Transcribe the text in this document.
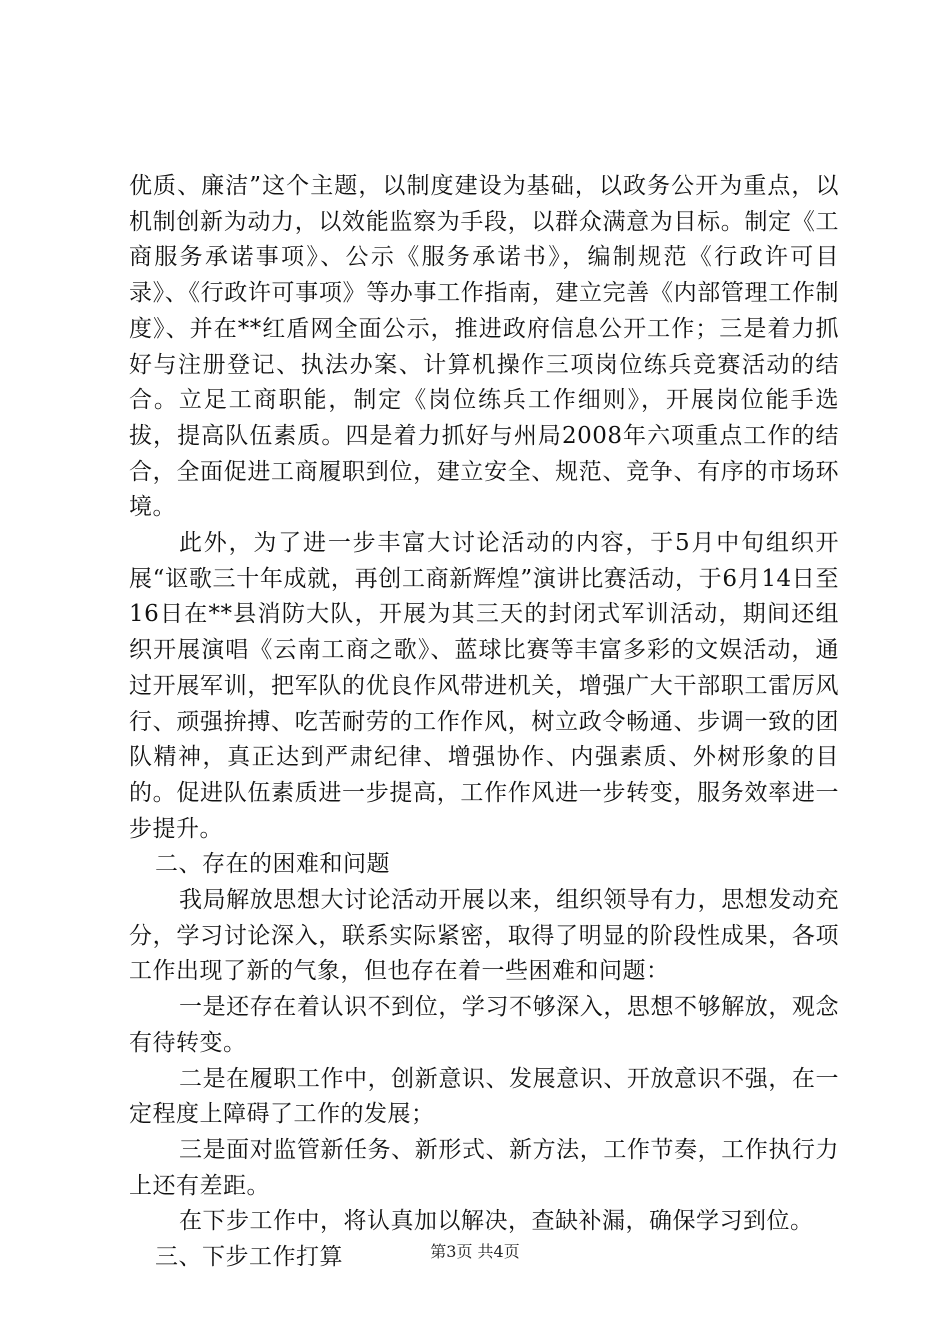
优质、廉洁”这个主题，以制度建设为基础，以政务公开为重点，以机制创新为动力，以效能监察为手段，以群众满意为目标。制定《工商服务承诺事项》、公示《服务承诺书》，编制规范《行政许可目录》、《行政许可事项》等办事工作指南，建立完善《内部管理工作制度》、并在**红盾网全面公示，推进政府信息公开工作；三是着力抓好与注册登记、执法办案、计算机操作三项岗位练兵竞赛活动的结合。立足工商职能，制定《岗位练兵工作细则》，开展岗位能手选拔，提高队伍素质。四是着力抓好与州局2008年六项重点工作的结合，全面促进工商履职到位，建立安全、规范、竞争、有序的市场环境。

此外，为了进一步丰富大讨论活动的内容，于5月中旬组织开展“讴歌三十年成就，再创工商新辉煌”演讲比赛活动，于6月14日至16日在**县消防大队，开展为其三天的封闭式军训活动，期间还组织开展演唱《云南工商之歌》、蓝球比赛等丰富多彩的文娱活动，通过开展军训，把军队的优良作风带进机关，增强广大干部职工雷厉风行、顽强拚搏、吃苦耐劳的工作作风，树立政令畅通、步调一致的团队精神，真正达到严肃纪律、增强协作、内强素质、外树形象的目的。促进队伍素质进一步提高，工作作风进一步转变，服务效率进一步提升。

二、存在的困难和问题

我局解放思想大讨论活动开展以来，组织领导有力，思想发动充分，学习讨论深入，联系实际紧密，取得了明显的阶段性成果，各项工作出现了新的气象，但也存在着一些困难和问题：

一是还存在着认识不到位，学习不够深入，思想不够解放，观念有待转变。

二是在履职工作中，创新意识、发展意识、开放意识不强，在一定程度上障碍了工作的发展；

三是面对监管新任务、新形式、新方法，工作节奏，工作执行力上还有差距。

在下步工作中，将认真加以解决，查缺补漏，确保学习到位。

三、下步工作打算	第3页 共4页
